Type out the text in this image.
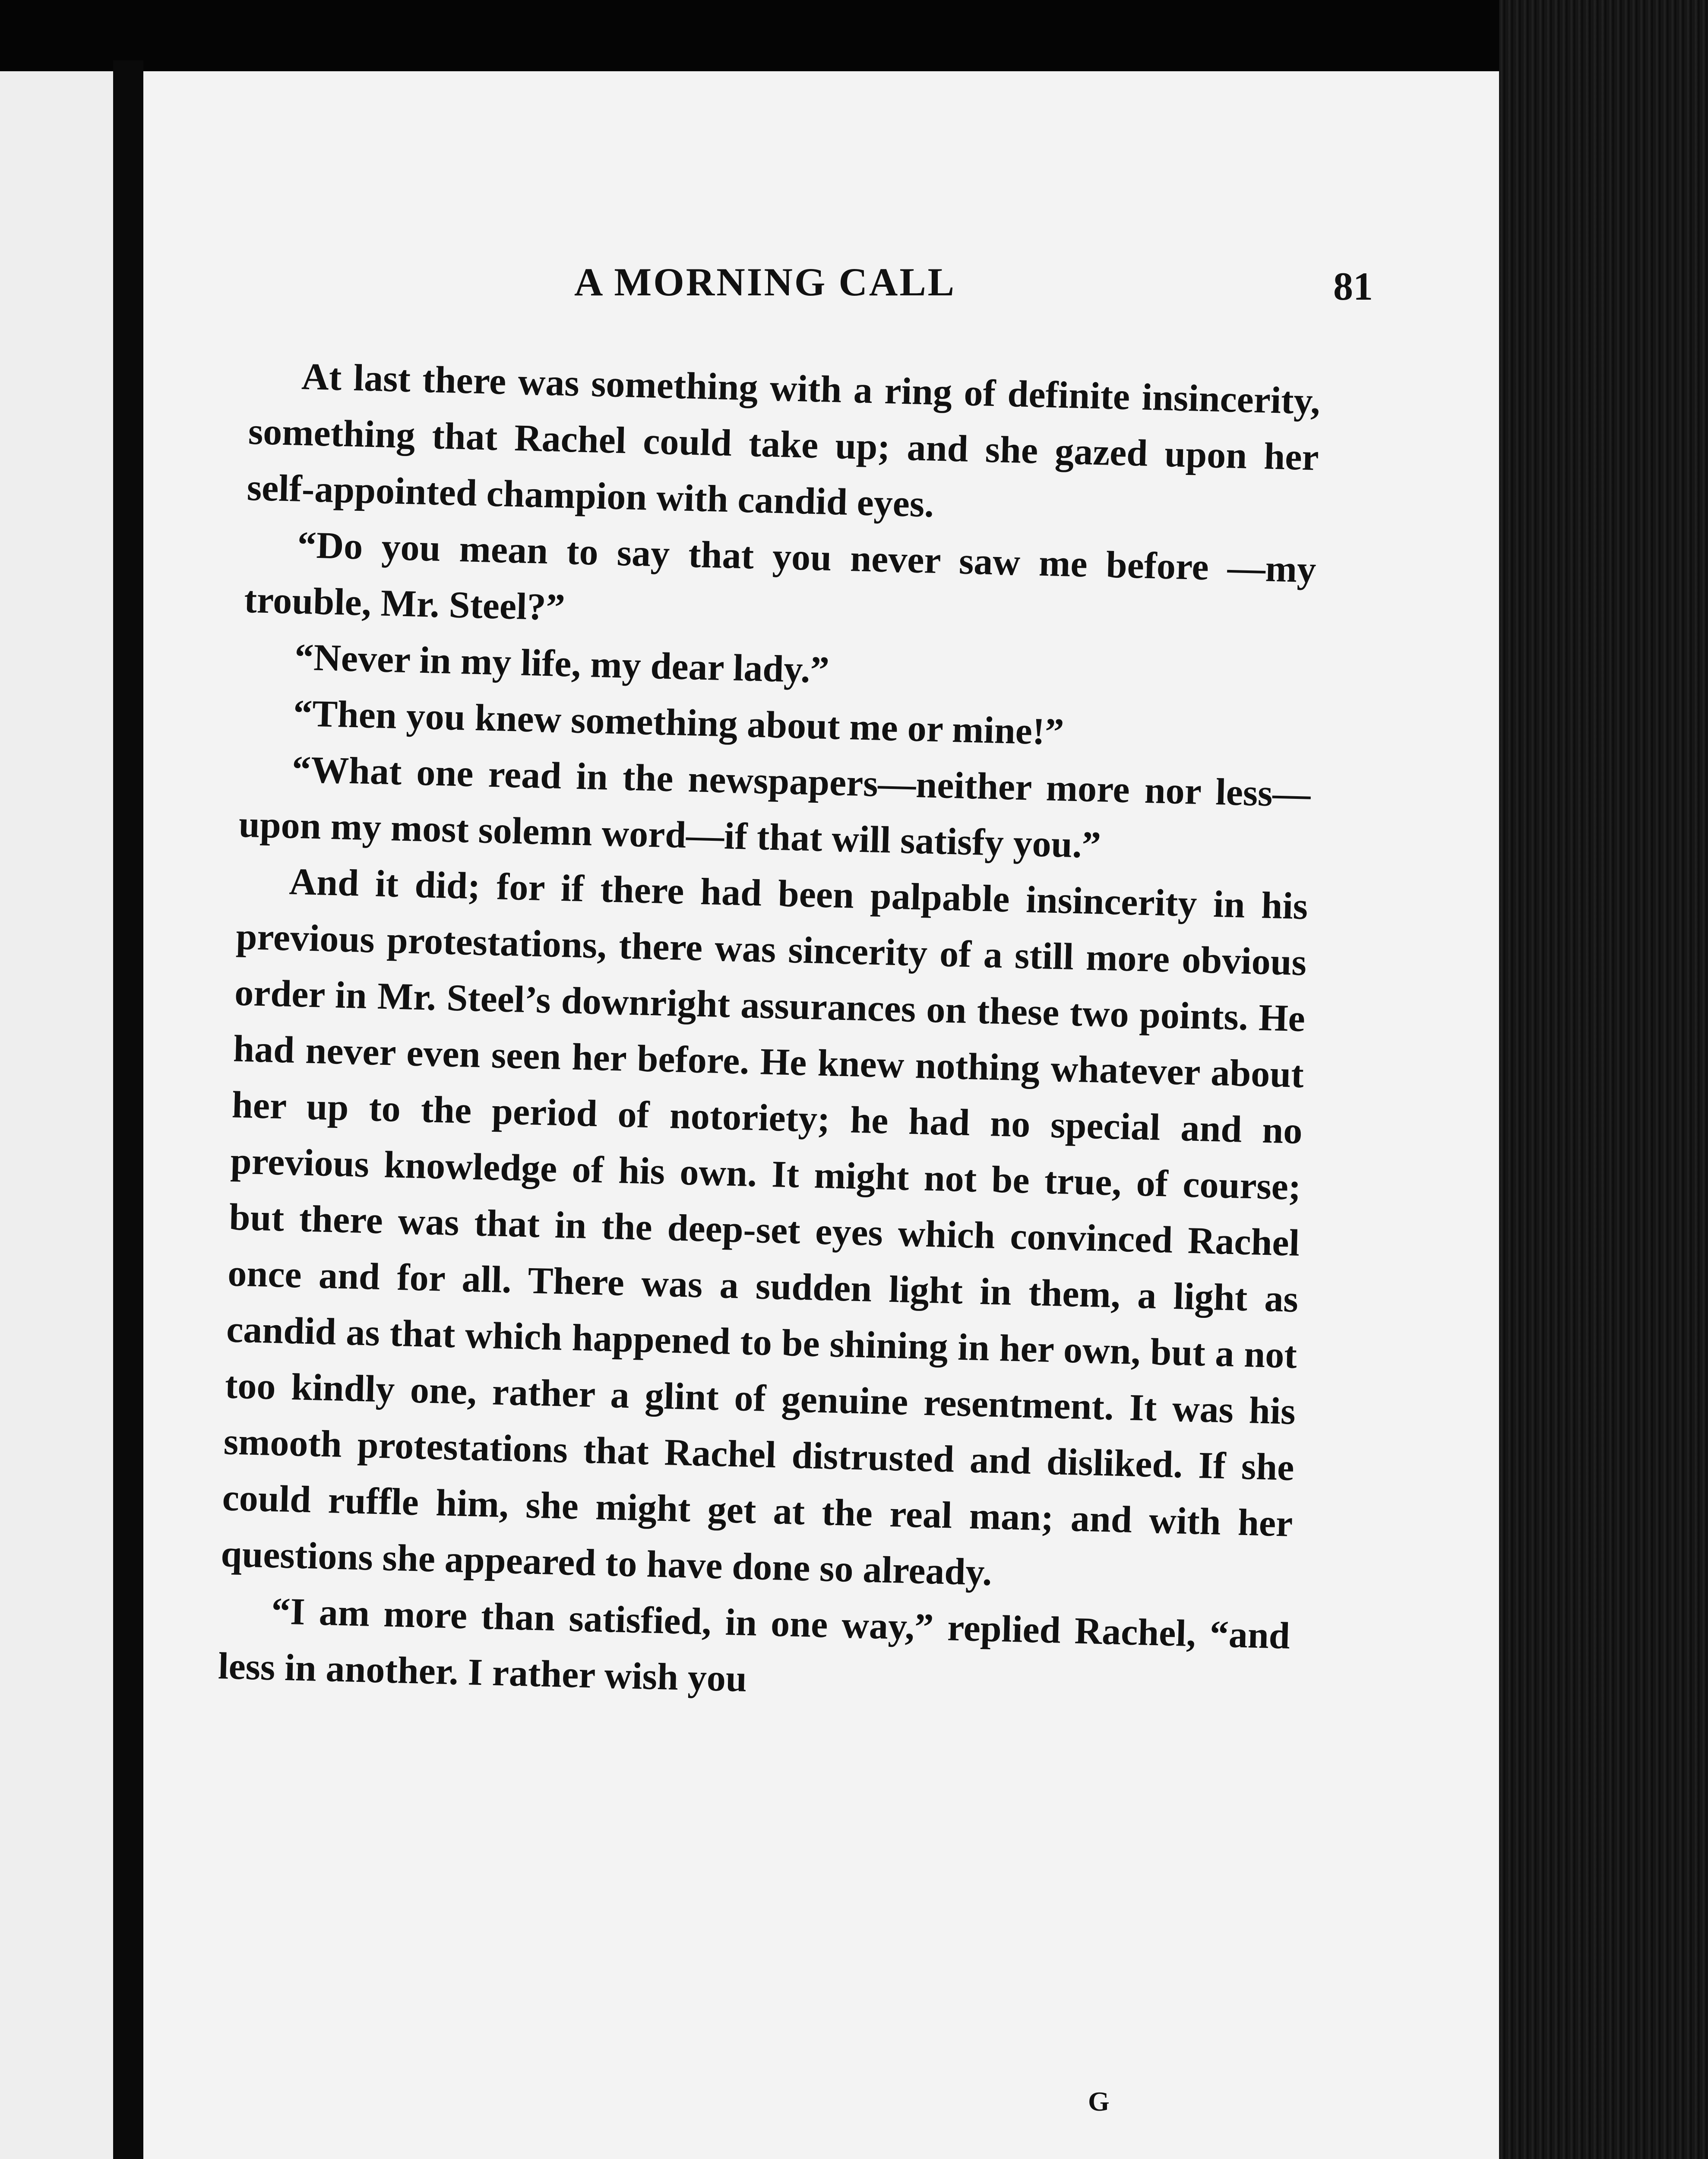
A MORNING CALL	81

At last there was something with a ring of definite insincerity, something that Rachel could take up; and she gazed upon her self-appointed champion with candid eyes.

“Do you mean to say that you never saw me before —my trouble, Mr. Steel?”

“Never in my life, my dear lady.”

“Then you knew something about me or mine!”

“What one read in the newspapers—neither more nor less—upon my most solemn word—if that will satisfy you.”

And it did; for if there had been palpable insincerity in his previous protestations, there was sincerity of a still more obvious order in Mr. Steel’s downright assurances on these two points. He had never even seen her before. He knew nothing whatever about her up to the period of notoriety; he had no special and no previous knowledge of his own. It might not be true, of course; but there was that in the deep-set eyes which convinced Rachel once and for all. There was a sudden light in them, a light as candid as that which happened to be shining in her own, but a not too kindly one, rather a glint of genuine resentment. It was his smooth protestations that Rachel distrusted and disliked. If she could ruffle him, she might get at the real man; and with her questions she appeared to have done so already.

“I am more than satisfied, in one way,” replied Rachel, “and less in another. I rather wish you

G
